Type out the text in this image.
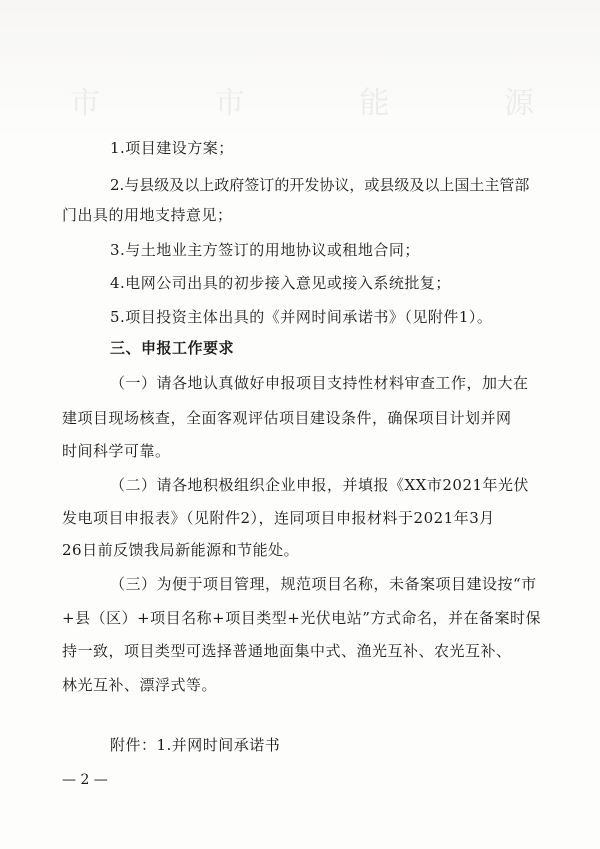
市	市	能	源
1.项目建设方案；
2.与县级及以上政府签订的开发协议，或县级及以上国土主管部
门出具的用地支持意见；
3.与土地业主方签订的用地协议或租地合同；
4.电网公司出具的初步接入意见或接入系统批复；
5.项目投资主体出具的《并网时间承诺书》（见附件1）。
三、申报工作要求
（一）请各地认真做好申报项目支持性材料审查工作，加大在
建项目现场核查，全面客观评估项目建设条件，确保项目计划并网
时间科学可靠。
（二）请各地积极组织企业申报，并填报《XX市2021年光伏
发电项目申报表》（见附件2），连同项目申报材料于2021年3月
26日前反馈我局新能源和节能处。
（三）为便于项目管理，规范项目名称，未备案项目建设按“市
+县（区）+项目名称+项目类型+光伏电站”方式命名，并在备案时保
持一致，项目类型可选择普通地面集中式、渔光互补、农光互补、
林光互补、漂浮式等。
附件：1.并网时间承诺书
— 2 —
